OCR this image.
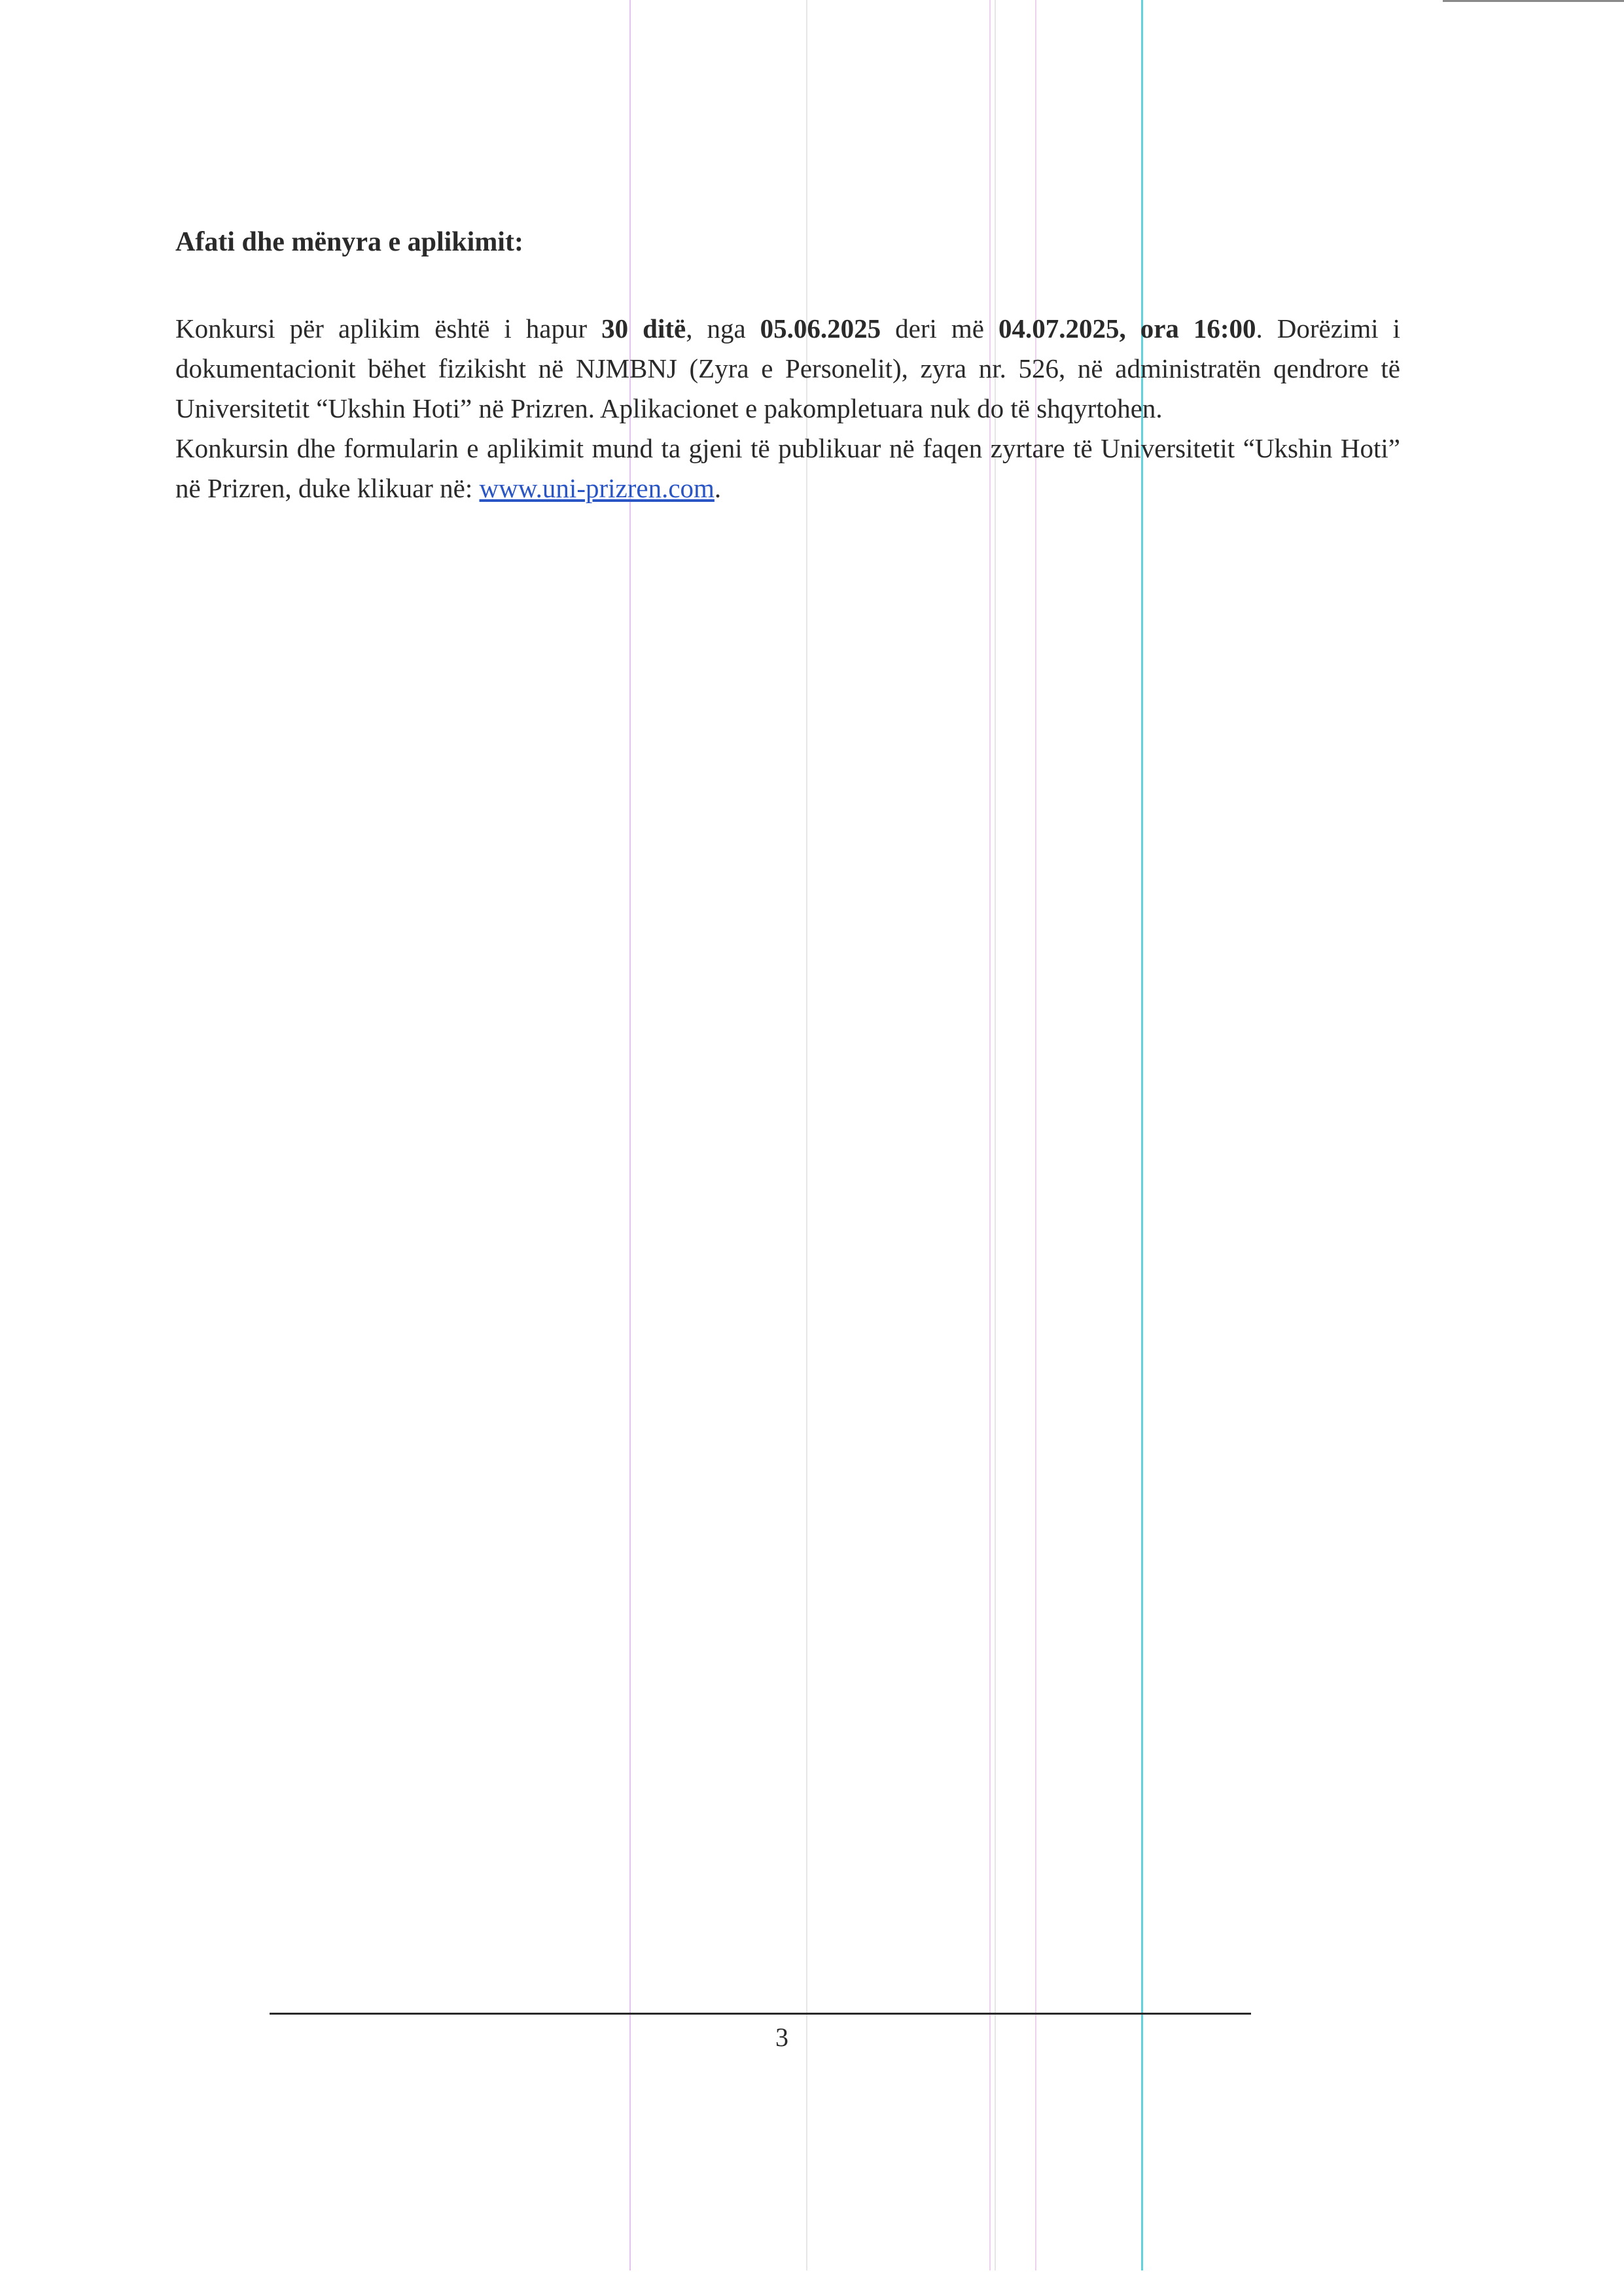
Afati dhe mënyra e aplikimit:

Konkursi për aplikim është i hapur 30 ditë, nga 05.06.2025 deri më 04.07.2025, ora 16:00. Dorëzimi i dokumentacionit bëhet fizikisht në NJMBNJ (Zyra e Personelit), zyra nr. 526, në administratën qendrore të Universitetit “Ukshin Hoti” në Prizren. Aplikacionet e pakompletuara nuk do të shqyrtohen.

Konkursin dhe formularin e aplikimit mund ta gjeni të publikuar në faqen zyrtare të Universitetit “Ukshin Hoti” në Prizren, duke klikuar në: www.uni-prizren.com.

3
